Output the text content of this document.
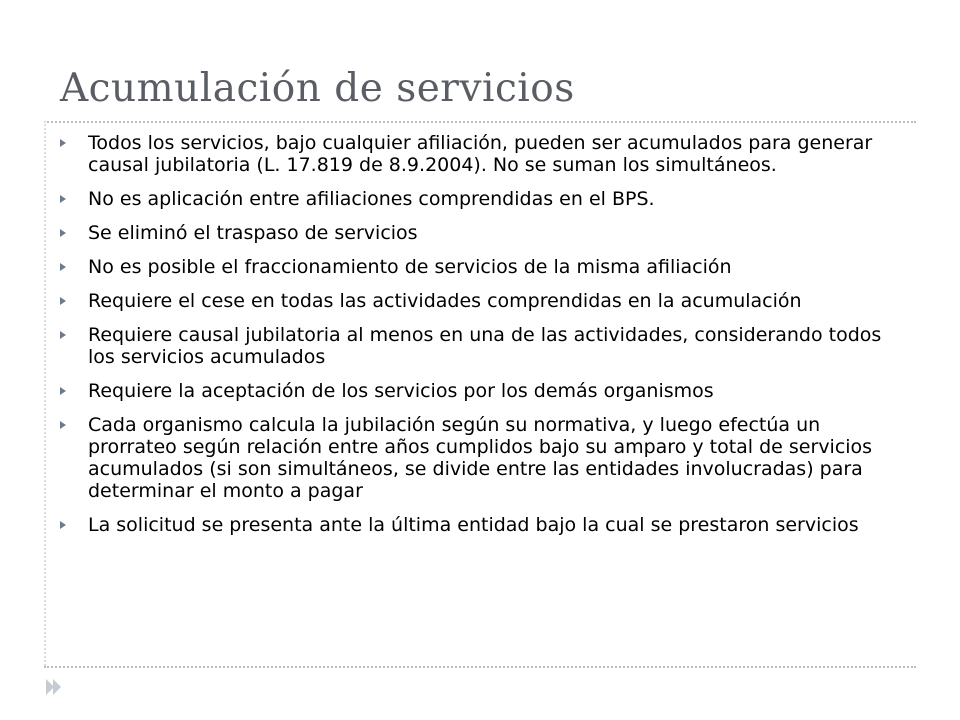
Acumulación de servicios
Todos los servicios, bajo cualquier afiliación, pueden ser acumulados para generar causal jubilatoria (L. 17.819 de 8.9.2004). No se suman los simultáneos.
No es aplicación entre afiliaciones comprendidas en el BPS.
Se eliminó el traspaso de servicios
No es posible el fraccionamiento de servicios de la misma afiliación
Requiere el cese en todas las actividades comprendidas en la acumulación
Requiere causal jubilatoria al menos en una de las actividades, considerando todos los servicios acumulados
Requiere la aceptación de los servicios por los demás organismos
Cada organismo calcula la jubilación según su normativa, y luego efectúa un prorrateo según relación entre años cumplidos bajo su amparo y total de servicios acumulados (si son simultáneos, se divide entre las entidades involucradas) para determinar el monto a pagar
La solicitud se presenta ante la última entidad bajo la cual se prestaron servicios
